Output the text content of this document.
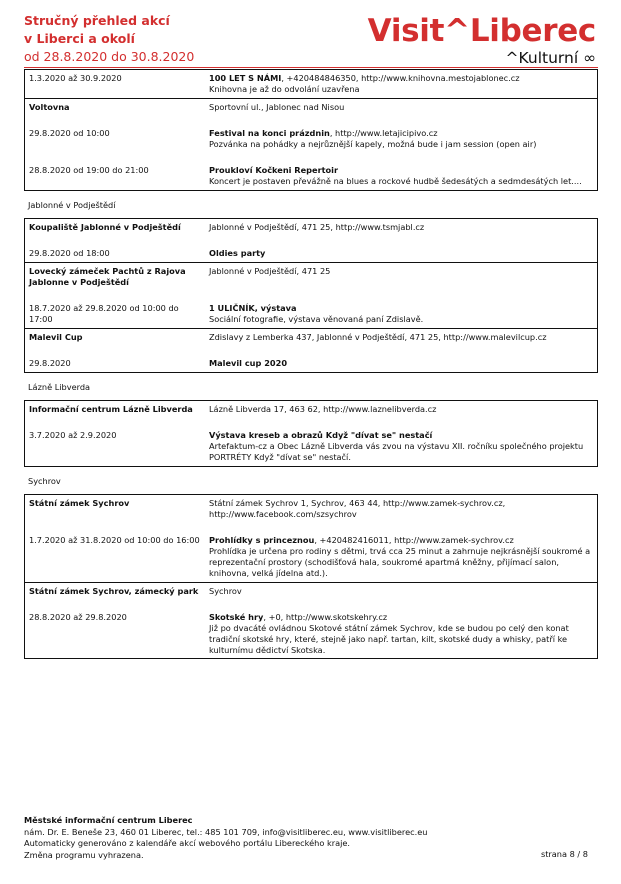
Stručný přehled akcí
v Liberci a okolí
od 28.8.2020 do 30.8.2020
Visit^Liberec
^Kulturní ∞
1.3.2020 až 30.9.2020	100 LET S NÁMI, +420484846350, http://www.knihovna.mestojablonec.cz
Knihovna je až do odvolání uzavřena
Voltovna	Sportovní ul., Jablonec nad Nisou

29.8.2020 od 10:00	Festival na konci prázdnin, http://www.letajicipivo.cz
Pozvánka na pohádky a nejrůznější kapely, možná bude i jam session (open air)

28.8.2020 od 19:00 do 21:00	Proukloví Kočkeni Repertoir
Koncert je postaven převážně na blues a rockové hudbě šedesátých a sedmdesátých let....
Jablonné v Podještědí
Koupaliště Jablonné v Podještědí	Jablonné v Podještědí, 471 25, http://www.tsmjabl.cz

29.8.2020 od 18:00	Oldies party
Lovecký zámeček Pachtů z Rajova Jablonne v Podještědí	Jablonné v Podještědí, 471 25

18.7.2020 až 29.8.2020 od 10:00 do 17:00	1 ULIČNÍK, výstava
Sociální fotografie, výstava věnovaná paní Zdislavě.
Malevil Cup	Zdislavy z Lemberka 437, Jablonné v Podještědí, 471 25, http://www.malevilcup.cz

29.8.2020	Malevil cup 2020
Lázně Libverda
Informační centrum Lázně Libverda	Lázně Libverda 17, 463 62, http://www.laznelibverda.cz

3.7.2020 až 2.9.2020	Výstava kreseb a obrazů Když "dívat se" nestačí
Artefaktum-cz a Obec Lázně Libverda vás zvou na výstavu XII. ročníku společného projektu PORTRÉTY Když "dívat se" nestačí.
Sychrov
Státní zámek Sychrov	Státní zámek Sychrov 1, Sychrov, 463 44, http://www.zamek-sychrov.cz, http://www.facebook.com/szsychrov

1.7.2020 až 31.8.2020 od 10:00 do 16:00	Prohlídky s princeznou, +420482416011, http://www.zamek-sychrov.cz
Prohlídka je určena pro rodiny s dětmi, trvá cca 25 minut a zahrnuje nejkrásnější soukromé a reprezentační prostory (schodišťová hala, soukromé apartmá kněžny, přijímací salon, knihovna, velká jídelna atd.).
Státní zámek Sychrov, zámecký park	Sychrov

28.8.2020 až 29.8.2020	Skotské hry, +0, http://www.skotskehry.cz
Již po dvacáté ovládnou Skotové státní zámek Sychrov, kde se budou po celý den konat tradiční skotské hry, které, stejně jako např. tartan, kilt, skotské dudy a whisky, patří ke kulturnímu dědictví Skotska.
Městské informační centrum Liberec
nám. Dr. E. Beneše 23, 460 01 Liberec, tel.: 485 101 709, info@visitliberec.eu, www.visitliberec.eu
Automaticky generováno z kalendáře akcí webového portálu Libereckého kraje.
Změna programu vyhrazena.	strana 8 / 8
